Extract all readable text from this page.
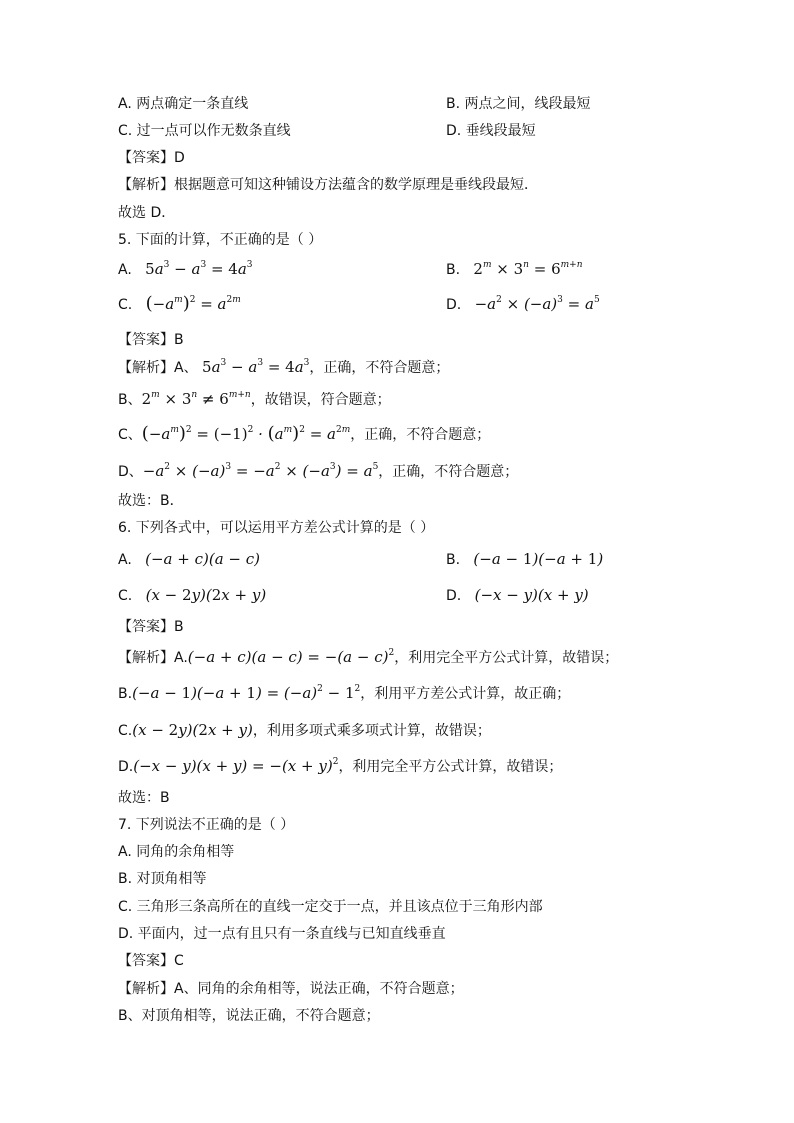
A. 两点确定一条直线	B. 两点之间，线段最短
C. 过一点可以作无数条直线	D. 垂线段最短
【答案】D
【解析】根据题意可知这种铺设方法蕴含的数学原理是垂线段最短．
故选 D．
5. 下面的计算，不正确的是（ ）
A. $5a^3 - a^3 = 4a^3$	B. $2^m \times 3^n = 6^{m+n}$
C. $(-a^m)^2 = a^{2m}$	D. $-a^2 \times (-a)^3 = a^5$
【答案】B
【解析】A、 $5a^3 - a^3 = 4a^3$，正确，不符合题意；
B、$2^m \times 3^n \ne 6^{m+n}$，故错误，符合题意；
C、$(-a^m)^2 = (-1)^2 \cdot (a^m)^2 = a^{2m}$，正确，不符合题意；
D、$-a^2 \times (-a)^3 = -a^2 \times (-a^3) = a^5$，正确，不符合题意；
故选：B．
6. 下列各式中，可以运用平方差公式计算的是（ ）
A. (−a + c)(a − c)	B. (−a − 1)(−a + 1)
C. (x − 2y)(2x + y)	D. (−x − y)(x + y)
【答案】B
【解析】$A.(-a + c)(a - c) = -(a - c)^2$，利用完全平方公式计算，故错误；
$B.(-a - 1)(-a + 1) = (-a)^2 - 1^2$，利用平方差公式计算，故正确；
C.(x − 2y)(2x + y)，利用多项式乘多项式计算，故错误；
$D.(-x - y)(x + y) = -(x + y)^2$，利用完全平方公式计算，故错误；
故选：B
7. 下列说法不正确的是（ ）
A. 同角的余角相等
B. 对顶角相等
C. 三角形三条高所在的直线一定交于一点，并且该点位于三角形内部
D. 平面内，过一点有且只有一条直线与已知直线垂直
【答案】C
【解析】A、同角的余角相等，说法正确，不符合题意；
B、对顶角相等，说法正确，不符合题意；
